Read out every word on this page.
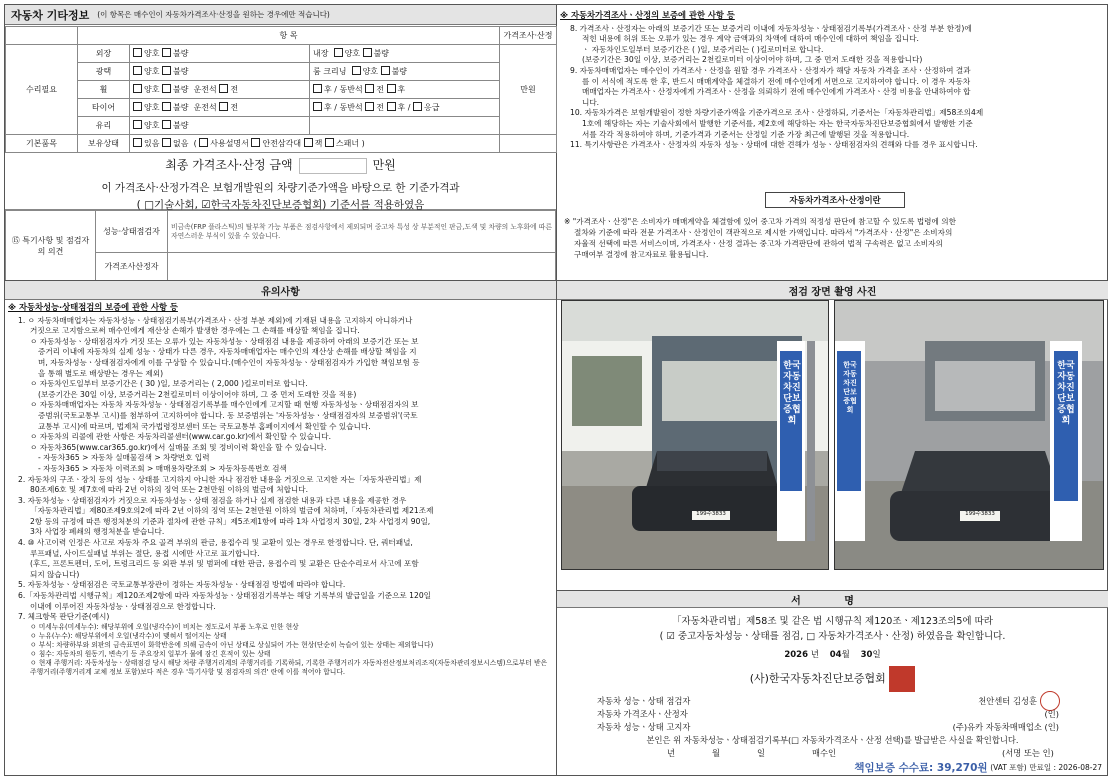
자동차 기타정보 (이 항목은 매수인이 자동차가격조사·산정을 원하는 경우에만 적습니다)
	항 목			가격조사·산정
수리필요	외장	양호 불량	내장 양호 불량	만원
	광택	양호 불량	룸 크리닝 양호 불량	
	휠	양호 불량 운전석 전	후 / 동반석 전 후	
	타이어	양호 불량 운전석 전	후 / 동반석 전 후 / 응급	
	유리	양호 불량		
기본품목	보유상태	있음 없음 ( 사용설명서 안전삼각대 잭 스패너 )		
최종 가격조사·산정 금액	만원
이 가격조사·산정가격은 보험개발원의 차량기준가액을 바탕으로 한 기준가격과
( □기술사회, ☑한국자동차진단보증협회) 기준서를 적용하였음
⑮ 특기사항 및 점검자의 의견	성능·상태점검자	비금속(FRP 플라스틱)의 탈부착 가능 부품은 점검사항에서 제외되며 중고차 특성 상 부분적인 판금,도색 및 차량의 노후화에 따른 자연스러운 부식이 있을 수 있습니다.
	가격조사산정자	
유의사항
※ 자동차성능·상태점검의 보증에 관한 사항 등

1. ㅇ 자동차매매업자는 자동차성능ㆍ상태점검기록부(가격조사ㆍ산정 부분 제외)에 기재된 내용을 고지하지 아니하거나

거짓으로 고지함으로써 매수인에게 재산상 손해가 발생한 경우에는 그 손해를 배상할 책임을 집니다.

ㅇ 자동차성능ㆍ상태점검자가 거짓 또는 오류가 있는 자동차성능ㆍ상태점검 내용을 제공하여 아래의 보증기간 또는 보

증거리 이내에 자동차의 실제 성능ㆍ상태가 다른 경우, 자동차매매업자는 매수인의 재산상 손해를 배상할 책임을 지

며, 자동차성능ㆍ상태점검자에게 이를 구상할 수 있습니다.(매수인이 자동차성능ㆍ상태점검자가 가입한 책임보험 등

을 통해 별도로 배상받는 경우는 제외)

ㅇ 자동차인도일부터 보증기간은 ( 30 )일, 보증거리는 ( 2,000 )킬로미터로 합니다.

(보증기간은 30일 이상, 보증거리는 2천킬로미터 이상이어야 하며, 그 중 먼저 도래한 것을 적용)

ㅇ 자동차매매업자는 자동차 자동차성능ㆍ상태점검기록부를 매수인에게 고지할 때 현행 자동차성능ㆍ상태점검자의 보

증범위(국토교통부 고시)를 첨부하여 고지하여야 합니다. 동 보증범위는 '자동차성능ㆍ상태점검자의 보증범위'(국토

교통부 고시)에 따르며, 법제처 국가법령정보센터 또는 국토교통부 홈페이지에서 확인할 수 있습니다.

ㅇ 자동차의 리콜에 관한 사항은 자동차리콜센터(www.car.go.kr)에서 확인할 수 있습니다.

ㅇ 자동차365(www.car365.go.kr)에서 실매물 조회 및 정비이력 확인을 할 수 있습니다.

- 자동차365 > 자동차 실매물검색 > 차량번호 입력

- 자동차365 > 자동차 이력조회 > 매매용차량조회 > 자동차등록번호 검색

2. 자동차의 구조ㆍ장치 등의 성능ㆍ상태를 고지하지 아니한 자나 점검한 내용을 거짓으로 고지한 자는「자동차관리법」제

80조제6호 및 제7호에 따라 2년 이하의 징역 또는 2천만원 이하의 벌금에 처합니다.

3. 자동차성능ㆍ상태점검자가 거짓으로 자동차성능ㆍ상태 점검을 하거나 실제 점검한 내용과 다른 내용을 제공한 경우

「자동차관리법」제80조제9호의2에 따라 2년 이하의 징역 또는 2천만원 이하의 벌금에 처하며,「자동차관리법 제21조제

2항 등의 규정에 따른 행정처분의 기준과 절차에 관한 규칙」제5조제1항에 따라 1차 사업정지 30일, 2차 사업정지 90일,

3차 사업장 폐쇄의 행정처분을 받습니다.

4. ⑩ 사고이력 인정은 사고로 자동차 주요 골격 부위의 판금, 용접수리 및 교환이 있는 경우로 한정합니다. 단, 쿼터패널,

루프패널, 사이드실패널 부위는 절단, 용접 시에만 사고로 표기합니다.

(후드, 프론트펜더, 도어, 트렁크리드 등 외판 부위 및 범퍼에 대한 판금, 용접수리 및 교환은 단순수리로서 사고에 포함

되지 않습니다)

5. 자동차성능ㆍ상태점검은 국토교통부장관이 정하는 자동차성능ㆍ상태점검 방법에 따라야 합니다.

6.「자동차관리법 시행규칙」제120조제2항에 따라 자동차성능ㆍ상태점검기록부는 해당 기록부의 발급일을 기준으로 120일

이내에 이루어진 자동차성능ㆍ상태점검으로 한정합니다.

7. 체크항목 판단기준(예시)

ㅇ 미세누유(미세누수): 해당부위에 오일(냉각수)이 비치는 정도로서 부품 노후로 인한 현상

ㅇ 누유(누수): 해당부위에서 오일(냉각수)이 맺혀서 떨어지는 상태

ㅇ 부식: 차량하부와 외판의 금속표면이 화학반응에 의해 금속이 아닌 상태로 상실되어 가는 현상(단순히 녹슬어 있는 상태는 제외합니다)

ㅇ 침수: 자동차의 원동기, 변속기 등 주요장치 일부가 물에 잠긴 흔적이 있는 상태

ㅇ 현재 주행거리: 자동차성능ㆍ상태점검 당시 해당 차량 주행거리계의 주행거리를 기록하되, 기록한 주행거리가 자동차전산정보처리조직(자동차관리정보시스템)으로부터 받은 주행거리(주행거리계 교체 정보 포함)보다 적은 경우 '특기사항 및 점검자의 의견' 란에 이를 적어야 합니다.

※ 자동차가격조사ㆍ산정의 보증에 관한 사항 등

8. 가격조사ㆍ산정자는 아래의 보증기간 또는 보증거리 이내에 자동차성능ㆍ상태점검기록부(가격조사ㆍ산정 부분 한정)에

적힌 내용에 허위 또는 오류가 있는 경우 계약 금액과의 차액에 대하여 매수인에 대하여 책임을 집니다.

ㆍ 자동차인도일부터 보증기간은 ( )일, 보증거리는 ( )킬로미터로 합니다.

(보증기간은 30일 이상, 보증거리는 2천킬로미터 이상이어야 하며, 그 중 먼저 도래한 것을 적용합니다)

9. 자동차매매업자는 매수인이 가격조사ㆍ산정을 원할 경우 가격조사ㆍ산정자가 해당 자동차 가격을 조사ㆍ산정하여 결과

를 이 서식에 적도록 한 후, 반드시 매매계약을 체결하기 전에 매수인에게 서면으로 고지하여야 합니다. 이 경우 자동차

매매업자는 가격조사ㆍ산정자에게 가격조사ㆍ산정을 의뢰하기 전에 매수인에게 가격조사ㆍ산정 비용을 안내하여야 합

니다.

10. 자동차가격은 보험개발원이 정한 차량기준가액을 기준가격으로 조사ㆍ산정하되, 기준서는「자동차관리법」제58조의4제

1호에 해당하는 자는 기술사회에서 발행한 기준서를, 제2호에 해당하는 자는 한국자동차진단보증협회에서 발행한 기준

서를 각각 적용하여야 하며, 기준가격과 기준서는 산정일 기준 가장 최근에 발행된 것을 적용합니다.

11. 특기사항란은 가격조사ㆍ산정자의 자동차 성능ㆍ상태에 대한 견해가 성능ㆍ상태점검자의 견해와 다를 경우 표시합니다.

자동차가격조사·산정이란

※ "가격조사ㆍ산정"은 소비자가 매매계약을 체결함에 있어 중고차 가격의 적정성 판단에 참고할 수 있도록 법령에 의한

절차와 기준에 따라 전문 가격조사ㆍ산정인이 객관적으로 제시한 가액입니다. 따라서 "가격조사ㆍ산정"은 소비자의

자율적 선택에 따른 서비스이며, 가격조사ㆍ산정 결과는 중고차 가격판단에 관하여 법적 구속력은 없고 소비자의

구매여부 결정에 참고자료로 활용됩니다.

점검 장면 촬영 사진
한국자동차진단보증협회
199주3833
한국자동차진단보증협회
한국자동차진단보증협회
199주3833
서 명
「자동차관리법」제58조 및 같은 법 시행규칙 제120조ㆍ제123조의5에 따라
( ☑ 중고자동차성능ㆍ상태를 점검, □ 자동차가격조사ㆍ산정) 하였음을 확인합니다.
2026 년 04월 30일
(사)한국자동차진단보증협회
자동차 성능ㆍ상태 점검자	천안센터 김성훈

자동차 가격조사ㆍ산정자	(인)
자동차 성능ㆍ상태 고지자	(주)유카 자동차매매업소 (인)
본인은 위 자동차성능ㆍ상태점검기록부(□ 자동차가격조사ㆍ산정 선택)를 발급받은 사실을 확인합니다.
년	월	일	매수인	(서명 또는 인)
책임보증 수수료: 39,270원
(VAT 포함)
만료일 : 2026-08-27
